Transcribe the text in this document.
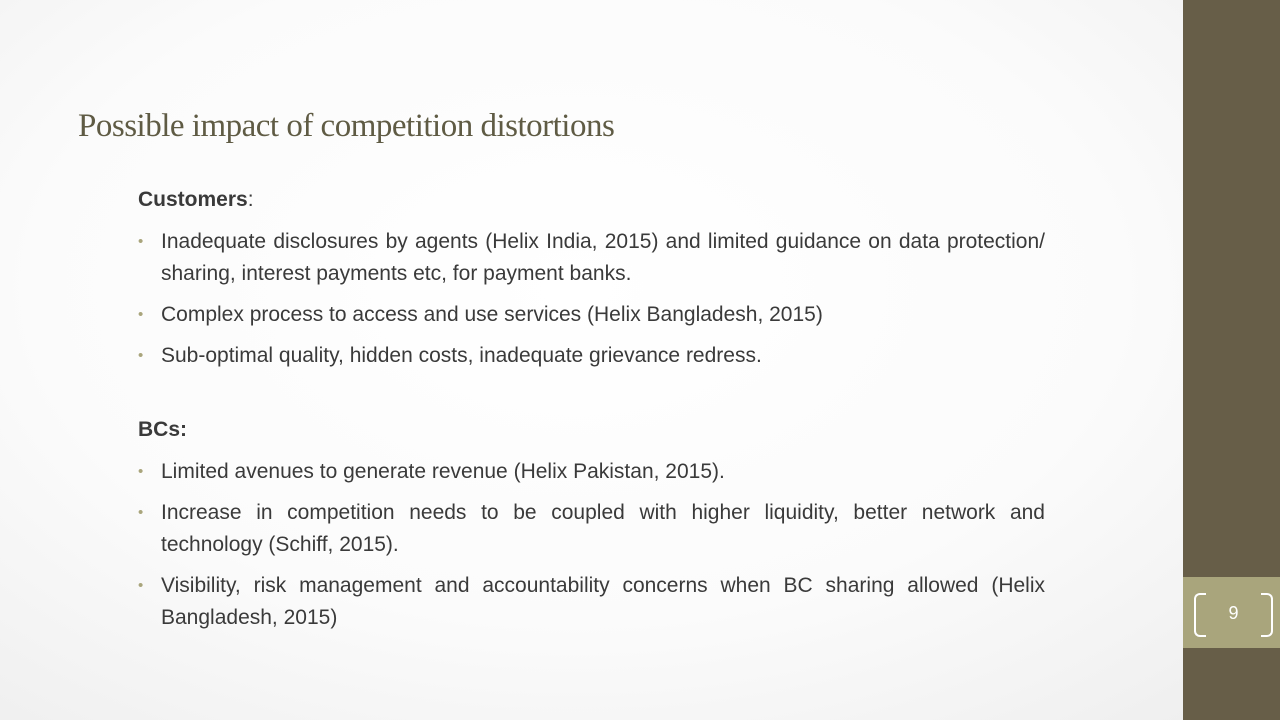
Possible impact of competition distortions

Customers:

• Inadequate disclosures by agents (Helix India, 2015) and limited guidance on data protection/ sharing, interest payments etc, for payment banks.
• Complex process to access and use services (Helix Bangladesh, 2015)
• Sub-optimal quality, hidden costs, inadequate grievance redress.

BCs:

• Limited avenues to generate revenue (Helix Pakistan, 2015).
• Increase in competition needs to be coupled with higher liquidity, better network and technology (Schiff, 2015).
• Visibility, risk management and accountability concerns when BC sharing allowed (Helix Bangladesh, 2015)	9
